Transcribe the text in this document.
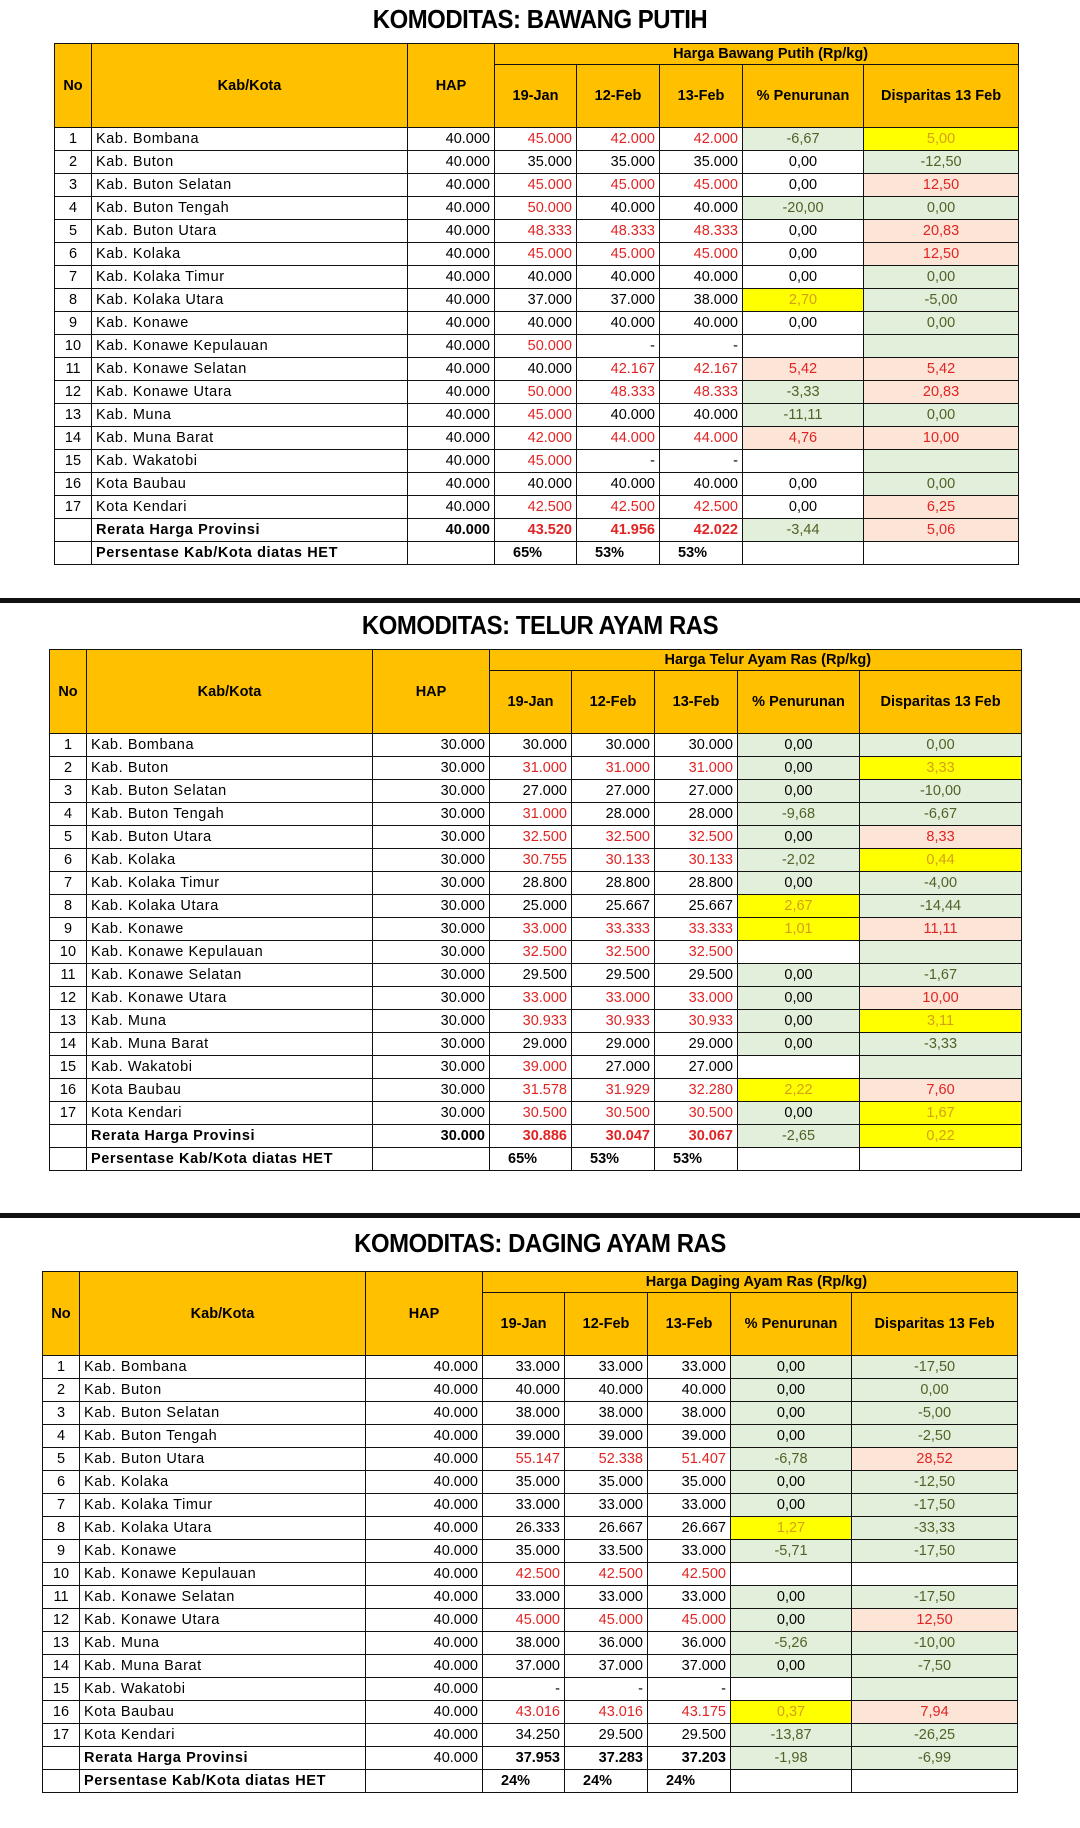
KOMODITAS: BAWANG PUTIH
No	Kab/Kota	HAP	Harga Bawang Putih (Rp/kg)				
			19-Jan	12-Feb	13-Feb	% Penurunan	Disparitas 13 Feb
1	Kab. Bombana	40.000	45.000	42.000	42.000	-6,67	5,00
2	Kab. Buton	40.000	35.000	35.000	35.000	0,00	-12,50
3	Kab. Buton Selatan	40.000	45.000	45.000	45.000	0,00	12,50
4	Kab. Buton Tengah	40.000	50.000	40.000	40.000	-20,00	0,00
5	Kab. Buton Utara	40.000	48.333	48.333	48.333	0,00	20,83
6	Kab. Kolaka	40.000	45.000	45.000	45.000	0,00	12,50
7	Kab. Kolaka Timur	40.000	40.000	40.000	40.000	0,00	0,00
8	Kab. Kolaka Utara	40.000	37.000	37.000	38.000	2,70	-5,00
9	Kab. Konawe	40.000	40.000	40.000	40.000	0,00	0,00
10	Kab. Konawe Kepulauan	40.000	50.000	-	-		
11	Kab. Konawe Selatan	40.000	40.000	42.167	42.167	5,42	5,42
12	Kab. Konawe Utara	40.000	50.000	48.333	48.333	-3,33	20,83
13	Kab. Muna	40.000	45.000	40.000	40.000	-11,11	0,00
14	Kab. Muna Barat	40.000	42.000	44.000	44.000	4,76	10,00
15	Kab. Wakatobi	40.000	45.000	-	-		
16	Kota Baubau	40.000	40.000	40.000	40.000	0,00	0,00
17	Kota Kendari	40.000	42.500	42.500	42.500	0,00	6,25
	Rerata Harga Provinsi	40.000	43.520	41.956	42.022	-3,44	5,06
	Persentase Kab/Kota diatas HET		65%	53%	53%		
KOMODITAS: TELUR AYAM RAS
No	Kab/Kota	HAP	Harga Telur Ayam Ras (Rp/kg)				
			19-Jan	12-Feb	13-Feb	% Penurunan	Disparitas 13 Feb
1	Kab. Bombana	30.000	30.000	30.000	30.000	0,00	0,00
2	Kab. Buton	30.000	31.000	31.000	31.000	0,00	3,33
3	Kab. Buton Selatan	30.000	27.000	27.000	27.000	0,00	-10,00
4	Kab. Buton Tengah	30.000	31.000	28.000	28.000	-9,68	-6,67
5	Kab. Buton Utara	30.000	32.500	32.500	32.500	0,00	8,33
6	Kab. Kolaka	30.000	30.755	30.133	30.133	-2,02	0,44
7	Kab. Kolaka Timur	30.000	28.800	28.800	28.800	0,00	-4,00
8	Kab. Kolaka Utara	30.000	25.000	25.667	25.667	2,67	-14,44
9	Kab. Konawe	30.000	33.000	33.333	33.333	1,01	11,11
10	Kab. Konawe Kepulauan	30.000	32.500	32.500	32.500		
11	Kab. Konawe Selatan	30.000	29.500	29.500	29.500	0,00	-1,67
12	Kab. Konawe Utara	30.000	33.000	33.000	33.000	0,00	10,00
13	Kab. Muna	30.000	30.933	30.933	30.933	0,00	3,11
14	Kab. Muna Barat	30.000	29.000	29.000	29.000	0,00	-3,33
15	Kab. Wakatobi	30.000	39.000	27.000	27.000		
16	Kota Baubau	30.000	31.578	31.929	32.280	2,22	7,60
17	Kota Kendari	30.000	30.500	30.500	30.500	0,00	1,67
	Rerata Harga Provinsi	30.000	30.886	30.047	30.067	-2,65	0,22
	Persentase Kab/Kota diatas HET		65%	53%	53%		
KOMODITAS: DAGING AYAM RAS
No	Kab/Kota	HAP	Harga Daging Ayam Ras (Rp/kg)				
			19-Jan	12-Feb	13-Feb	% Penurunan	Disparitas 13 Feb
1	Kab. Bombana	40.000	33.000	33.000	33.000	0,00	-17,50
2	Kab. Buton	40.000	40.000	40.000	40.000	0,00	0,00
3	Kab. Buton Selatan	40.000	38.000	38.000	38.000	0,00	-5,00
4	Kab. Buton Tengah	40.000	39.000	39.000	39.000	0,00	-2,50
5	Kab. Buton Utara	40.000	55.147	52.338	51.407	-6,78	28,52
6	Kab. Kolaka	40.000	35.000	35.000	35.000	0,00	-12,50
7	Kab. Kolaka Timur	40.000	33.000	33.000	33.000	0,00	-17,50
8	Kab. Kolaka Utara	40.000	26.333	26.667	26.667	1,27	-33,33
9	Kab. Konawe	40.000	35.000	33.500	33.000	-5,71	-17,50
10	Kab. Konawe Kepulauan	40.000	42.500	42.500	42.500		
11	Kab. Konawe Selatan	40.000	33.000	33.000	33.000	0,00	-17,50
12	Kab. Konawe Utara	40.000	45.000	45.000	45.000	0,00	12,50
13	Kab. Muna	40.000	38.000	36.000	36.000	-5,26	-10,00
14	Kab. Muna Barat	40.000	37.000	37.000	37.000	0,00	-7,50
15	Kab. Wakatobi	40.000	-	-	-		
16	Kota Baubau	40.000	43.016	43.016	43.175	0,37	7,94
17	Kota Kendari	40.000	34.250	29.500	29.500	-13,87	-26,25
	Rerata Harga Provinsi	40.000	37.953	37.283	37.203	-1,98	-6,99
	Persentase Kab/Kota diatas HET		24%	24%	24%		
